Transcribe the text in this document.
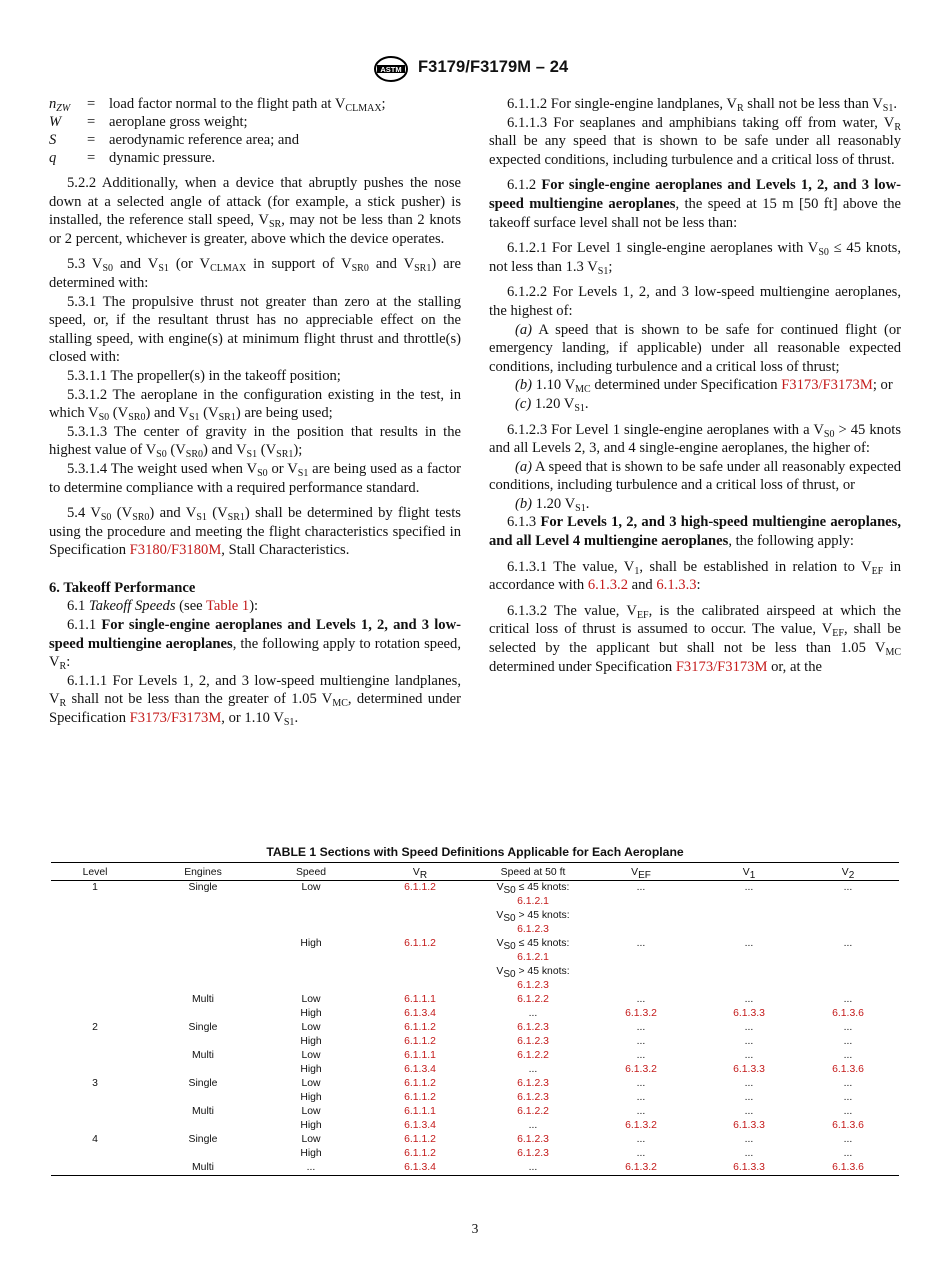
ASTM F3179/F3179M – 24
$n_{ZW}$	= load factor normal to the flight path at $V_{CLMAX}$;
W	= aeroplane gross weight;
S	= aerodynamic reference area; and
q	= dynamic pressure.

5.2.2 Additionally, when a device that abruptly pushes the nose down at a selected angle of attack (for example, a stick pusher) is installed, the reference stall speed, $V_{SR}$, may not be less than 2 knots or 2 percent, whichever is greater, above which the device operates.

5.3 $V_{S0}$ and $V_{S1}$ (or $V_{CLMAX}$ in support of $V_{SR0}$ and $V_{SR1}$) are determined with:

5.3.1 The propulsive thrust not greater than zero at the stalling speed, or, if the resultant thrust has no appreciable effect on the stalling speed, with engine(s) at minimum flight thrust and throttle(s) closed with:

5.3.1.1 The propeller(s) in the takeoff position;

5.3.1.2 The aeroplane in the configuration existing in the test, in which $V_{S0}$ $(V_{SR0})$ and $V_{S1}$ $(V_{SR1})$ are being used;

5.3.1.3 The center of gravity in the position that results in the highest value of $V_{S0}$ $(V_{SR0})$ and $V_{S1}$ $(V_{SR1})$;

5.3.1.4 The weight used when $V_{S0}$ or $V_{S1}$ are being used as a factor to determine compliance with a required performance standard.

5.4 $V_{S0}$ $(V_{SR0})$ and $V_{S1}$ $(V_{SR1})$ shall be determined by flight tests using the procedure and meeting the flight characteristics specified in Specification F3180/F3180M, Stall Characteristics.

6. Takeoff Performance

6.1 Takeoff Speeds (see Table 1):

6.1.1 For single-engine aeroplanes and Levels 1, 2, and 3 low-speed multiengine aeroplanes, the following apply to rotation speed, $V_R$:

6.1.1.1 For Levels 1, 2, and 3 low-speed multiengine landplanes, $V_R$ shall not be less than the greater of 1.05 $V_{MC}$, determined under Specification F3173/F3173M, or 1.10 $V_{S1}$.

6.1.1.2 For single-engine landplanes, $V_R$ shall not be less than $V_{S1}$.

6.1.1.3 For seaplanes and amphibians taking off from water, $V_R$ shall be any speed that is shown to be safe under all reasonably expected conditions, including turbulence and a critical loss of thrust.

6.1.2 For single-engine aeroplanes and Levels 1, 2, and 3 low-speed multiengine aeroplanes, the speed at 15 m [50 ft] above the takeoff surface level shall not be less than:

6.1.2.1 For Level 1 single-engine aeroplanes with $V_{S0} \le 45$ knots, not less than 1.3 $V_{S1}$;

6.1.2.2 For Levels 1, 2, and 3 low-speed multiengine aeroplanes, the highest of:

(a) A speed that is shown to be safe for continued flight (or emergency landing, if applicable) under all reasonable expected conditions, including turbulence and a critical loss of thrust;

(b) 1.10 $V_{MC}$ determined under Specification F3173/F3173M; or

(c) 1.20 $V_{S1}$.

6.1.2.3 For Level 1 single-engine aeroplanes with a $V_{S0} > 45$ knots and all Levels 2, 3, and 4 single-engine aeroplanes, the higher of:

(a) A speed that is shown to be safe under all reasonably expected conditions, including turbulence and a critical loss of thrust, or

(b) 1.20 $V_{S1}$.

6.1.3 For Levels 1, 2, and 3 high-speed multiengine aeroplanes, and all Level 4 multiengine aeroplanes, the following apply:

6.1.3.1 The value, $V_1$, shall be established in relation to $V_{EF}$ in accordance with 6.1.3.2 and 6.1.3.3:

6.1.3.2 The value, $V_{EF}$, is the calibrated airspeed at which the critical loss of thrust is assumed to occur. The value, $V_{EF}$, shall be selected by the applicant but shall not be less than 1.05 $V_{MC}$ determined under Specification F3173/F3173M or, at the

TABLE 1 Sections with Speed Definitions Applicable for Each Aeroplane
Level	Engines	Speed	$V_R$	Speed at 50 ft	$V_{EF}$	$V_1$	$V_2$
1	Single	Low	6.1.1.2	$V_{S0} \le 45$ knots:
6.1.2.1
$V_{S0} > 45$ knots:
6.1.2.3	...	...	...
		High	6.1.1.2	$V_{S0} \le 45$ knots:
6.1.2.1
$V_{S0} > 45$ knots:
6.1.2.3	...	...	...
	Multi	Low	6.1.1.1	6.1.2.2	...	...	...
		High	6.1.3.4	...	6.1.3.2	6.1.3.3	6.1.3.6
2	Single	Low	6.1.1.2	6.1.2.3	...	...	...
		High	6.1.1.2	6.1.2.3	...	...	...
	Multi	Low	6.1.1.1	6.1.2.2	...	...	...
		High	6.1.3.4	...	6.1.3.2	6.1.3.3	6.1.3.6
3	Single	Low	6.1.1.2	6.1.2.3	...	...	...
		High	6.1.1.2	6.1.2.3	...	...	...
	Multi	Low	6.1.1.1	6.1.2.2	...	...	...
		High	6.1.3.4	...	6.1.3.2	6.1.3.3	6.1.3.6
4	Single	Low	6.1.1.2	6.1.2.3	...	...	...
		High	6.1.1.2	6.1.2.3	...	...	...
	Multi	...	6.1.3.4	...	6.1.3.2	6.1.3.3	6.1.3.6
3
